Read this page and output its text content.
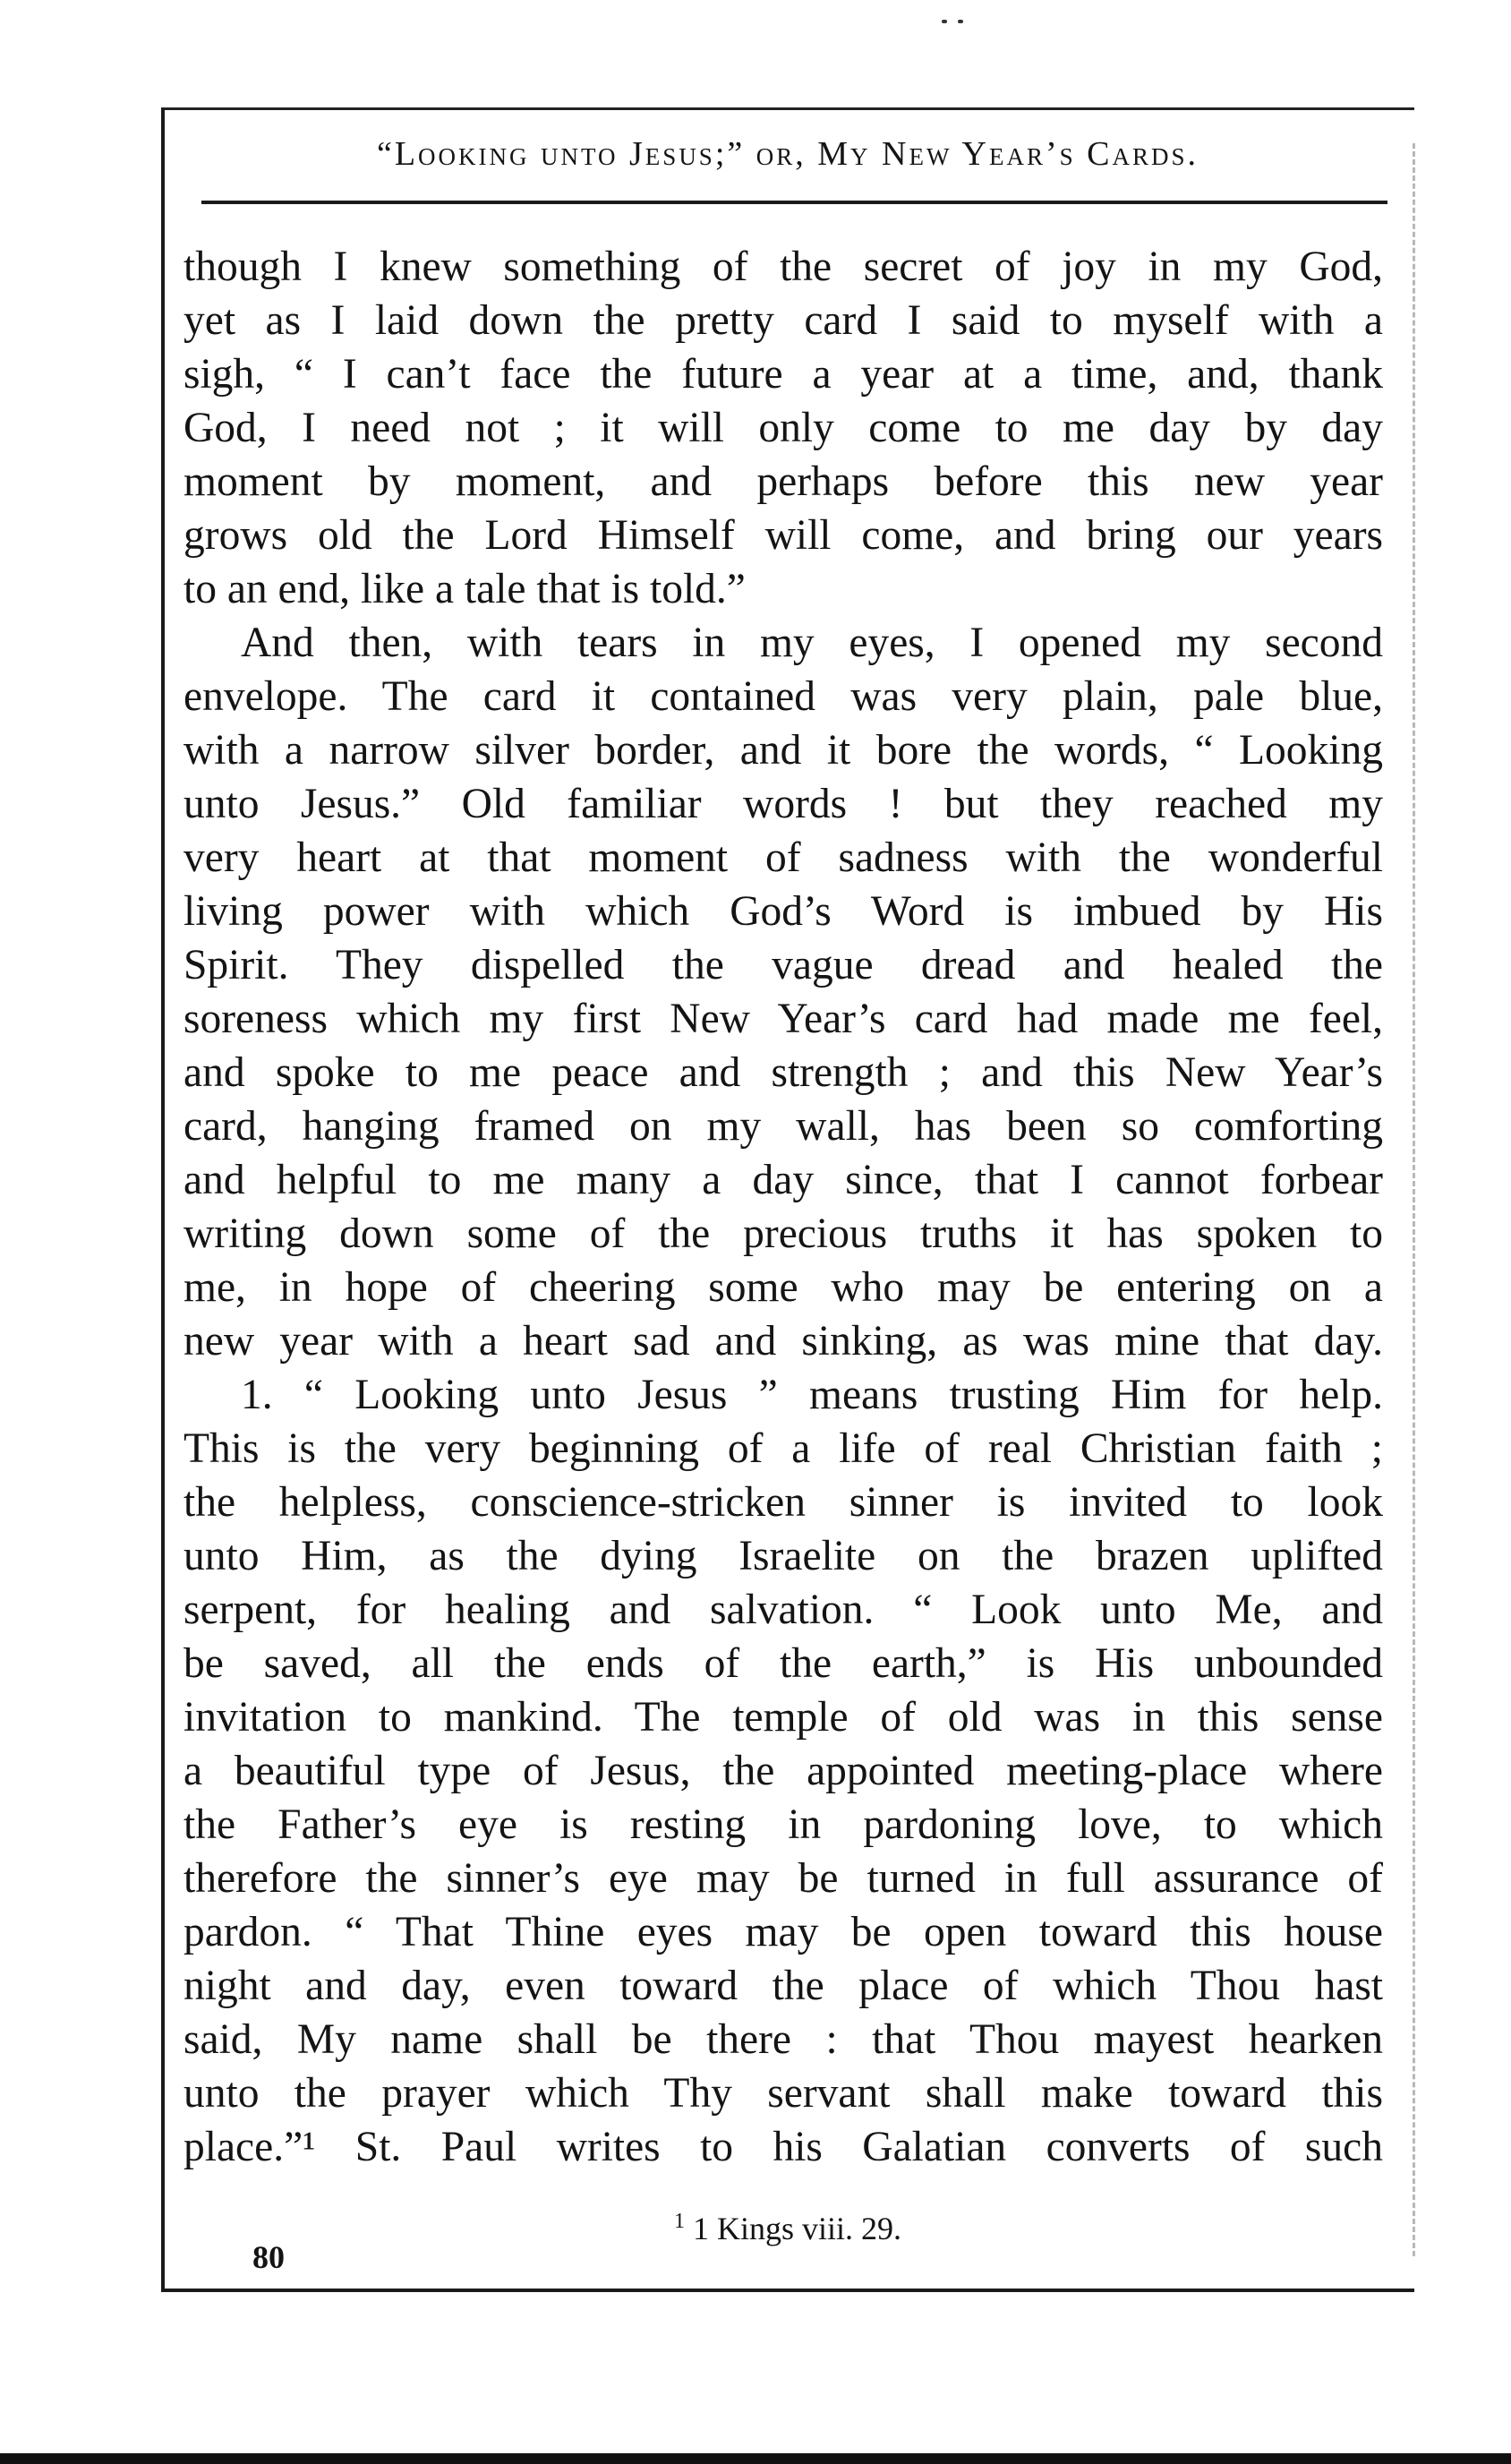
“Looking unto Jesus;” or, My New Year’s Cards.
though I knew something of the secret of joy in my God,
yet as I laid down the pretty card I said to myself with a
sigh, “ I can’t face the future a year at a time, and, thank
God, I need not ; it will only come to me day by day
moment by moment, and perhaps before this new year
grows old the Lord Himself will come, and bring our years
to an end, like a tale that is told.”
And then, with tears in my eyes, I opened my second
envelope. The card it contained was very plain, pale blue,
with a narrow silver border, and it bore the words, “ Looking
unto Jesus.” Old familiar words ! but they reached my
very heart at that moment of sadness with the wonderful
living power with which God’s Word is imbued by His
Spirit. They dispelled the vague dread and healed the
soreness which my first New Year’s card had made me feel,
and spoke to me peace and strength ; and this New Year’s
card, hanging framed on my wall, has been so comforting
and helpful to me many a day since, that I cannot forbear
writing down some of the precious truths it has spoken to
me, in hope of cheering some who may be entering on a
new year with a heart sad and sinking, as was mine that day.
1. “ Looking unto Jesus ” means trusting Him for help.
This is the very beginning of a life of real Christian faith ;
the helpless, conscience-stricken sinner is invited to look
unto Him, as the dying Israelite on the brazen uplifted
serpent, for healing and salvation. “ Look unto Me, and
be saved, all the ends of the earth,” is His unbounded
invitation to mankind. The temple of old was in this sense
a beautiful type of Jesus, the appointed meeting-place where
the Father’s eye is resting in pardoning love, to which
therefore the sinner’s eye may be turned in full assurance of
pardon. “ That Thine eyes may be open toward this house
night and day, even toward the place of which Thou hast
said, My name shall be there : that Thou mayest hearken
unto the prayer which Thy servant shall make toward this
place.”¹ St. Paul writes to his Galatian converts of such
$^1$ 1 Kings viii. 29.
80
